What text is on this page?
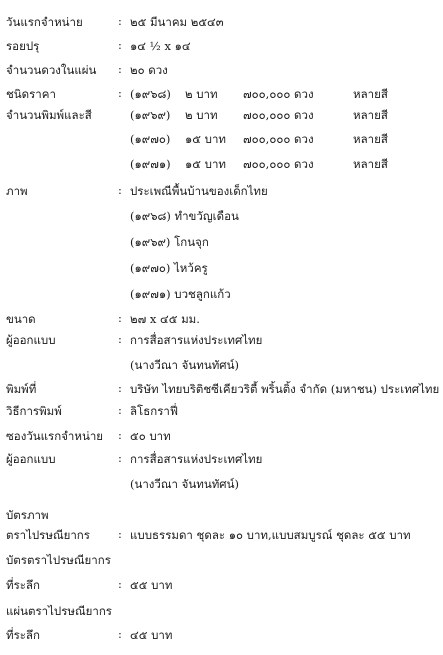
วันแรกจำหน่าย	: ๒๕ มีนาคม ๒๕๔๓
รอยปรุ	: ๑๔ ½ x ๑๔
จำนวนดวงในแผ่น : ๒๐ ดวง
ชนิดราคา	:
จำนวนพิมพ์และสี
(๑๙๖๘) ๒ บาท ๗๐๐,๐๐๐ ดวง	หลายสี
(๑๙๖๙) ๒ บาท ๗๐๐,๐๐๐ ดวง	หลายสี
(๑๙๗๐) ๑๕ บาท ๗๐๐,๐๐๐ ดวง	หลายสี
(๑๙๗๑) ๑๕ บาท ๗๐๐,๐๐๐ ดวง	หลายสี
ภาพ	: ประเพณีพื้นบ้านของเด็กไทย
(๑๙๖๘) ทำขวัญเดือน
(๑๙๖๙) โกนจุก
(๑๙๗๐) ไหว้ครู
(๑๙๗๑) บวชลูกแก้ว
ขนาด	: ๒๗ x ๔๕ มม.
ผู้ออกแบบ	: การสื่อสารแห่งประเทศไทย
(นางวีณา จันทนทัศน์)
พิมพ์ที่	: บริษัท ไทยบริติชซีเคียวริตี้ พริ้นติ้ง จำกัด (มหาชน) ประเทศไทย
วิธีการพิมพ์	: ลิโธกราฟี่
ซองวันแรกจำหน่าย : ๕๐ บาท
ผู้ออกแบบ	: การสื่อสารแห่งประเทศไทย
(นางวีณา จันทนทัศน์)
บัตรภาพ
ตราไปรษณียากร : แบบธรรมดา ชุดละ ๑๐ บาท,แบบสมบูรณ์ ชุดละ ๕๕ บาท
บัตรตราไปรษณียากร
ที่ระลึก	: ๕๕ บาท
แผ่นตราไปรษณียากร
ที่ระลึก	: ๔๕ บาท
